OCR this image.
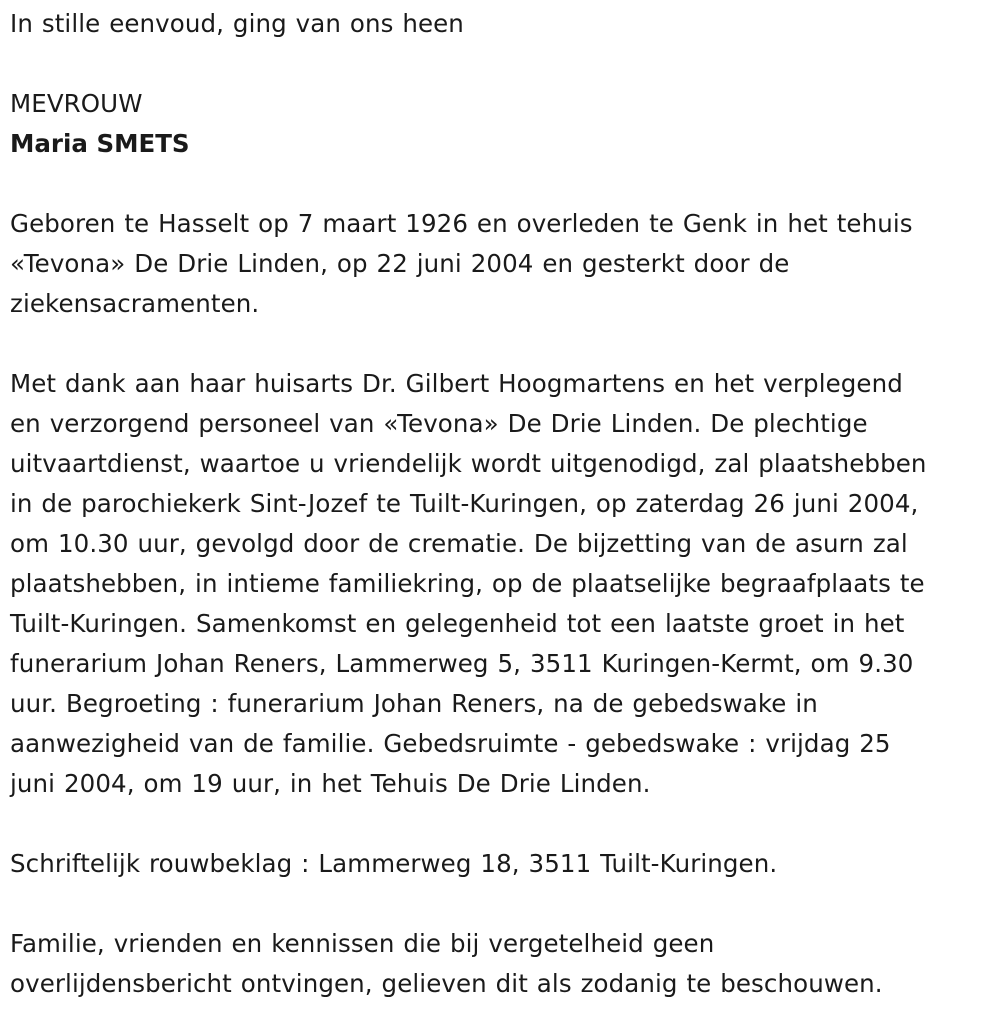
In stille eenvoud, ging van ons heen
MEVROUW
Maria SMETS
Geboren te Hasselt op 7 maart 1926 en overleden te Genk in het tehuis
«Tevona» De Drie Linden, op 22 juni 2004 en gesterkt door de
ziekensacramenten.
Met dank aan haar huisarts Dr. Gilbert Hoogmartens en het verplegend
en verzorgend personeel van «Tevona» De Drie Linden. De plechtige
uitvaartdienst, waartoe u vriendelijk wordt uitgenodigd, zal plaatshebben
in de parochiekerk Sint-Jozef te Tuilt-Kuringen, op zaterdag 26 juni 2004,
om 10.30 uur, gevolgd door de crematie. De bijzetting van de asurn zal
plaatshebben, in intieme familiekring, op de plaatselijke begraafplaats te
Tuilt-Kuringen. Samenkomst en gelegenheid tot een laatste groet in het
funerarium Johan Reners, Lammerweg 5, 3511 Kuringen-Kermt, om 9.30
uur. Begroeting : funerarium Johan Reners, na de gebedswake in
aanwezigheid van de familie. Gebedsruimte - gebedswake : vrijdag 25
juni 2004, om 19 uur, in het Tehuis De Drie Linden.
Schriftelijk rouwbeklag : Lammerweg 18, 3511 Tuilt-Kuringen.
Familie, vrienden en kennissen die bij vergetelheid geen
overlijdensbericht ontvingen, gelieven dit als zodanig te beschouwen.
